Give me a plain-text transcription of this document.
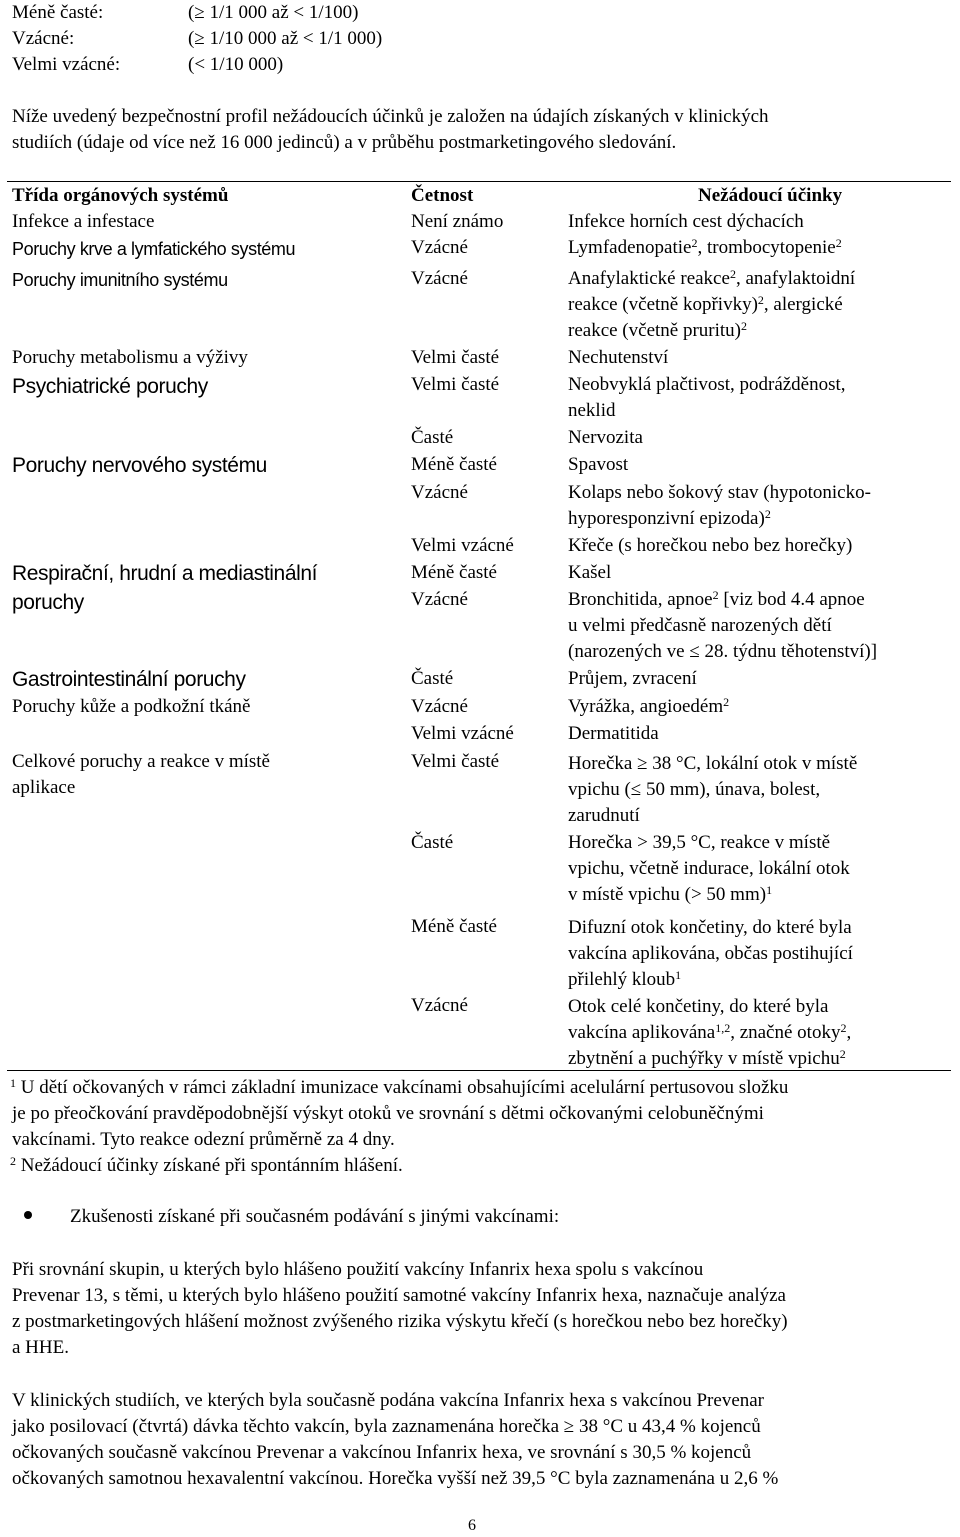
Méně časté:	(≥ 1/1 000 až < 1/100)
Vzácné:	(≥ 1/10 000 až < 1/1 000)
Velmi vzácné:	(< 1/10 000)
Níže uvedený bezpečnostní profil nežádoucích účinků je založen na údajích získaných v klinických
studiích (údaje od více než 16 000 jedinců) a v průběhu postmarketingového sledování.
Třída orgánových systémů	Četnost	Nežádoucí účinky
Infekce a infestace	Není známo	Infekce horních cest dýchacích
Poruchy krve a lymfatického systému	Vzácné	Lymfadenopatie$^2$, trombocytopenie$^2$
Poruchy imunitního systému	Vzácné	Anafylaktické reakce$^2$, anafylaktoidní
reakce (včetně kopřivky)$^2$, alergické
reakce (včetně pruritu)$^2$
Poruchy metabolismu a výživy	Velmi časté	Nechutenství
Psychiatrické poruchy	Velmi časté	Neobvyklá plačtivost, podrážděnost,
neklid
Časté	Nervozita
Poruchy nervového systému	Méně časté	Spavost
Vzácné	Kolaps nebo šokový stav (hypotonicko-
hyporesponzivní epizoda)$^2$
Velmi vzácné	Křeče (s horečkou nebo bez horečky)
Respirační, hrudní a mediastinální
poruchy
Méně časté	Kašel
Vzácné	Bronchitida, apnoe$^2$ [viz bod 4.4 apnoe
u velmi předčasně narozených dětí
(narozených ve ≤ 28. týdnu těhotenství)]
Gastrointestinální poruchy	Časté	Průjem, zvracení
Poruchy kůže a podkožní tkáně	Vzácné	Vyrážka, angioedém$^2$
Velmi vzácné	Dermatitida
Celkové poruchy a reakce v místě
aplikace
Velmi časté	Horečka ≥ 38 °C, lokální otok v místě
vpichu (≤ 50 mm), únava, bolest,
zarudnutí
Časté	Horečka > 39,5 °C, reakce v místě
vpichu, včetně indurace, lokální otok
v místě vpichu (> 50 mm)$^1$
Méně časté	Difuzní otok končetiny, do které byla
vakcína aplikována, občas postihující
přilehlý kloub$^1$
Vzácné	Otok celé končetiny, do které byla
vakcína aplikována$^{1,2}$, značné otoky$^2$,
zbytnění a puchýřky v místě vpichu$^2$
$^1$ U dětí očkovaných v rámci základní imunizace vakcínami obsahujícími acelulární pertusovou složku
je po přeočkování pravděpodobnější výskyt otoků ve srovnání s dětmi očkovanými celobuněčnými
vakcínami. Tyto reakce odezní průměrně za 4 dny.
$^2$ Nežádoucí účinky získané při spontánním hlášení.
Zkušenosti získané při současném podávání s jinými vakcínami:
Při srovnání skupin, u kterých bylo hlášeno použití vakcíny Infanrix hexa spolu s vakcínou
Prevenar 13, s těmi, u kterých bylo hlášeno použití samotné vakcíny Infanrix hexa, naznačuje analýza
z postmarketingových hlášení možnost zvýšeného rizika výskytu křečí (s horečkou nebo bez horečky)
a HHE.
V klinických studiích, ve kterých byla současně podána vakcína Infanrix hexa s vakcínou Prevenar
jako posilovací (čtvrtá) dávka těchto vakcín, byla zaznamenána horečka ≥ 38 °C u 43,4 % kojenců
očkovaných současně vakcínou Prevenar a vakcínou Infanrix hexa, ve srovnání s 30,5 % kojenců
očkovaných samotnou hexavalentní vakcínou. Horečka vyšší než 39,5 °C byla zaznamenána u 2,6 %
6
